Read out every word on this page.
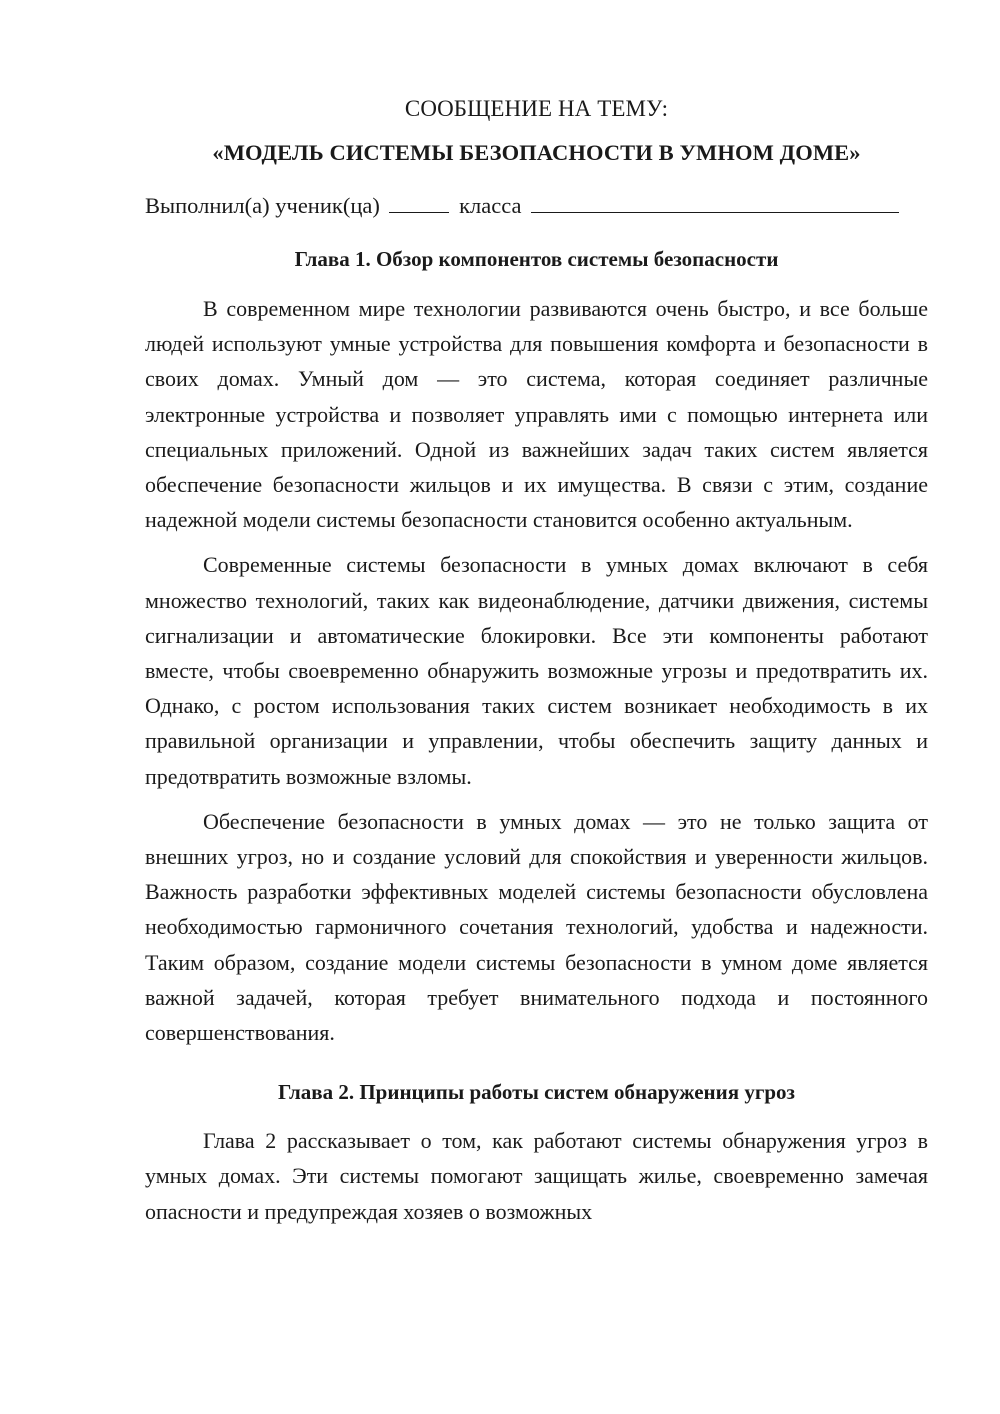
СООБЩЕНИЕ НА ТЕМУ:

«МОДЕЛЬ СИСТЕМЫ БЕЗОПАСНОСТИ В УМНОМ ДОМЕ»

Выполнил(а) ученик(ца)	класса
Глава 1. Обзор компонентов системы безопасности

В современном мире технологии развиваются очень быстро, и все больше людей используют умные устройства для повышения комфорта и безопасности в своих домах. Умный дом — это система, которая соединяет различные электронные устройства и позволяет управлять ими с помощью интернета или специальных приложений. Одной из важнейших задач таких систем является обеспечение безопасности жильцов и их имущества. В связи с этим, создание надежной модели системы безопасности становится особенно актуальным.

Современные системы безопасности в умных домах включают в себя множество технологий, таких как видеонаблюдение, датчики движения, системы сигнализации и автоматические блокировки. Все эти компоненты работают вместе, чтобы своевременно обнаружить возможные угрозы и предотвратить их. Однако, с ростом использования таких систем возникает необходимость в их правильной организации и управлении, чтобы обеспечить защиту данных и предотвратить возможные взломы.

Обеспечение безопасности в умных домах — это не только защита от внешних угроз, но и создание условий для спокойствия и уверенности жильцов. Важность разработки эффективных моделей системы безопасности обусловлена необходимостью гармоничного сочетания технологий, удобства и надежности. Таким образом, создание модели системы безопасности в умном доме является важной задачей, которая требует внимательного подхода и постоянного совершенствования.

Глава 2. Принципы работы систем обнаружения угроз

Глава 2 рассказывает о том, как работают системы обнаружения угроз в умных домах. Эти системы помогают защищать жилье, своевременно замечая опасности и предупреждая хозяев о возможных
